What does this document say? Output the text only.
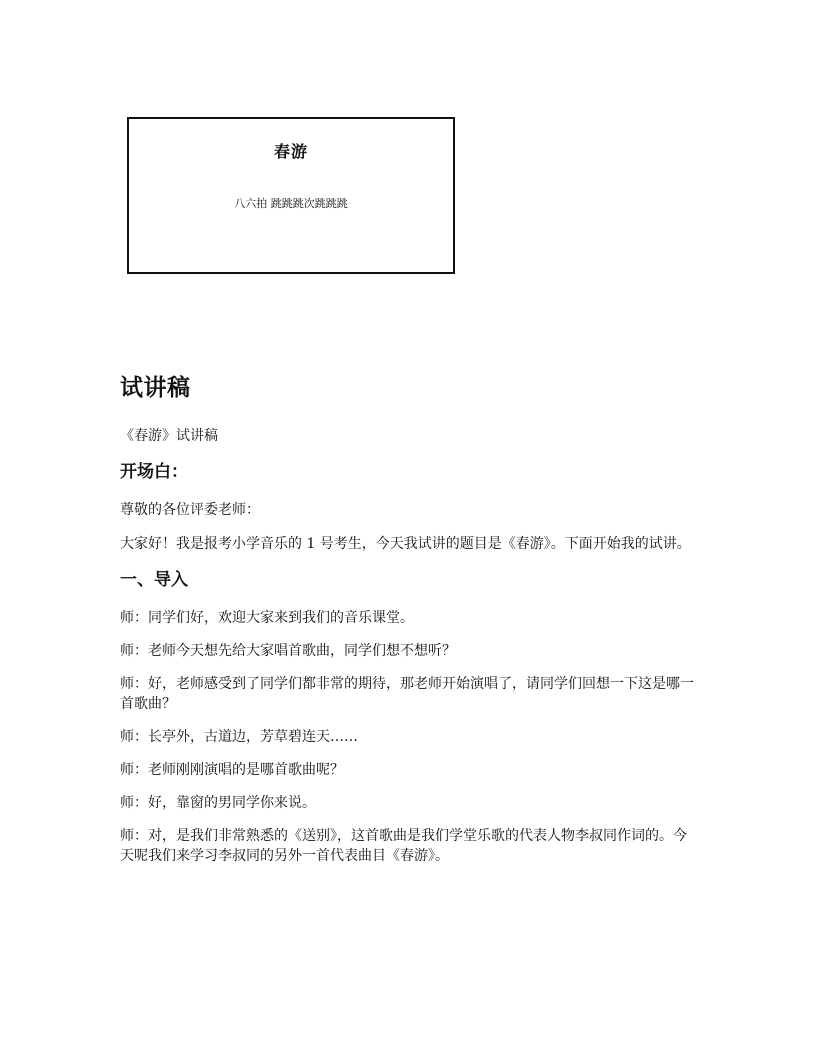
春游
八六拍 跳跳跳次跳跳跳
试讲稿

《春游》试讲稿

开场白：

尊敬的各位评委老师：

大家好！我是报考小学音乐的 1 号考生，今天我试讲的题目是《春游》。下面开始我的试讲。

一、导入

师：同学们好，欢迎大家来到我们的音乐课堂。

师：老师今天想先给大家唱首歌曲，同学们想不想听？

师：好，老师感受到了同学们都非常的期待，那老师开始演唱了，请同学们回想一下这是哪一首歌曲？

师：长亭外，古道边，芳草碧连天……

师：老师刚刚演唱的是哪首歌曲呢？

师：好，靠窗的男同学你来说。

师：对，是我们非常熟悉的《送别》，这首歌曲是我们学堂乐歌的代表人物李叔同作词的。今天呢我们来学习李叔同的另外一首代表曲目《春游》。
